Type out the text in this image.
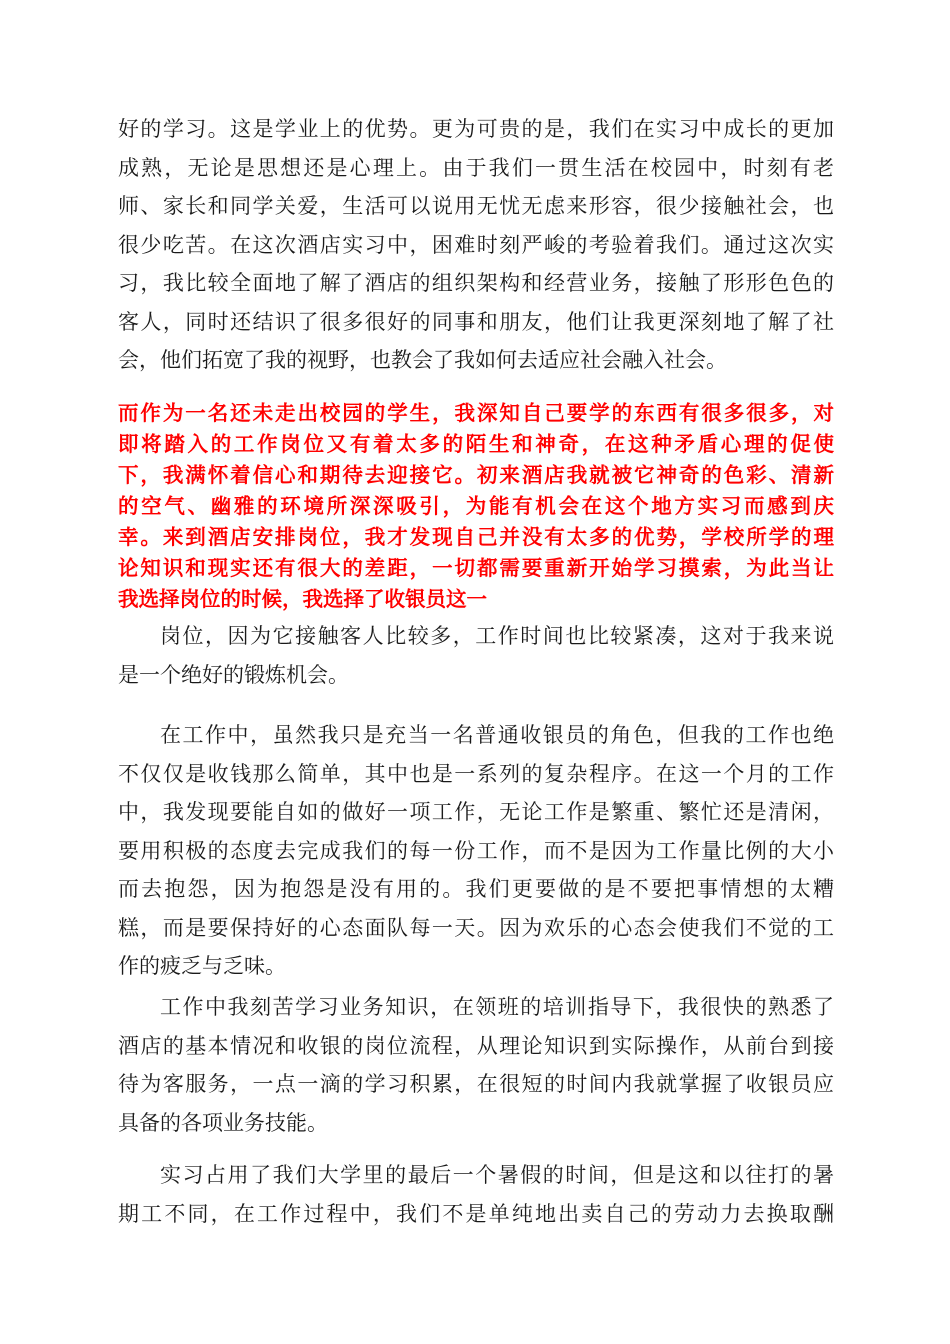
好的学习。这是学业上的优势。更为可贵的是，我们在实习中成长的更加
成熟，无论是思想还是心理上。由于我们一贯生活在校园中，时刻有老
师、家长和同学关爱，生活可以说用无忧无虑来形容，很少接触社会，也
很少吃苦。在这次酒店实习中，困难时刻严峻的考验着我们。通过这次实
习，我比较全面地了解了酒店的组织架构和经营业务，接触了形形色色的
客人，同时还结识了很多很好的同事和朋友，他们让我更深刻地了解了社
会，他们拓宽了我的视野，也教会了我如何去适应社会融入社会。
而作为一名还未走出校园的学生，我深知自己要学的东西有很多很多，对
即将踏入的工作岗位又有着太多的陌生和神奇，在这种矛盾心理的促使
下，我满怀着信心和期待去迎接它。初来酒店我就被它神奇的色彩、清新
的空气、幽雅的环境所深深吸引，为能有机会在这个地方实习而感到庆
幸。来到酒店安排岗位，我才发现自己并没有太多的优势，学校所学的理
论知识和现实还有很大的差距，一切都需要重新开始学习摸索，为此当让
我选择岗位的时候，我选择了收银员这一
岗位，因为它接触客人比较多，工作时间也比较紧凑，这对于我来说
是一个绝好的锻炼机会。
在工作中，虽然我只是充当一名普通收银员的角色，但我的工作也绝
不仅仅是收钱那么简单，其中也是一系列的复杂程序。在这一个月的工作
中，我发现要能自如的做好一项工作，无论工作是繁重、繁忙还是清闲，
要用积极的态度去完成我们的每一份工作，而不是因为工作量比例的大小
而去抱怨，因为抱怨是没有用的。我们更要做的是不要把事情想的太糟
糕，而是要保持好的心态面队每一天。因为欢乐的心态会使我们不觉的工
作的疲乏与乏味。
工作中我刻苦学习业务知识，在领班的培训指导下，我很快的熟悉了
酒店的基本情况和收银的岗位流程，从理论知识到实际操作，从前台到接
待为客服务，一点一滴的学习积累，在很短的时间内我就掌握了收银员应
具备的各项业务技能。
实习占用了我们大学里的最后一个暑假的时间，但是这和以往打的暑
期工不同，在工作过程中，我们不是单纯地出卖自己的劳动力去换取酬
